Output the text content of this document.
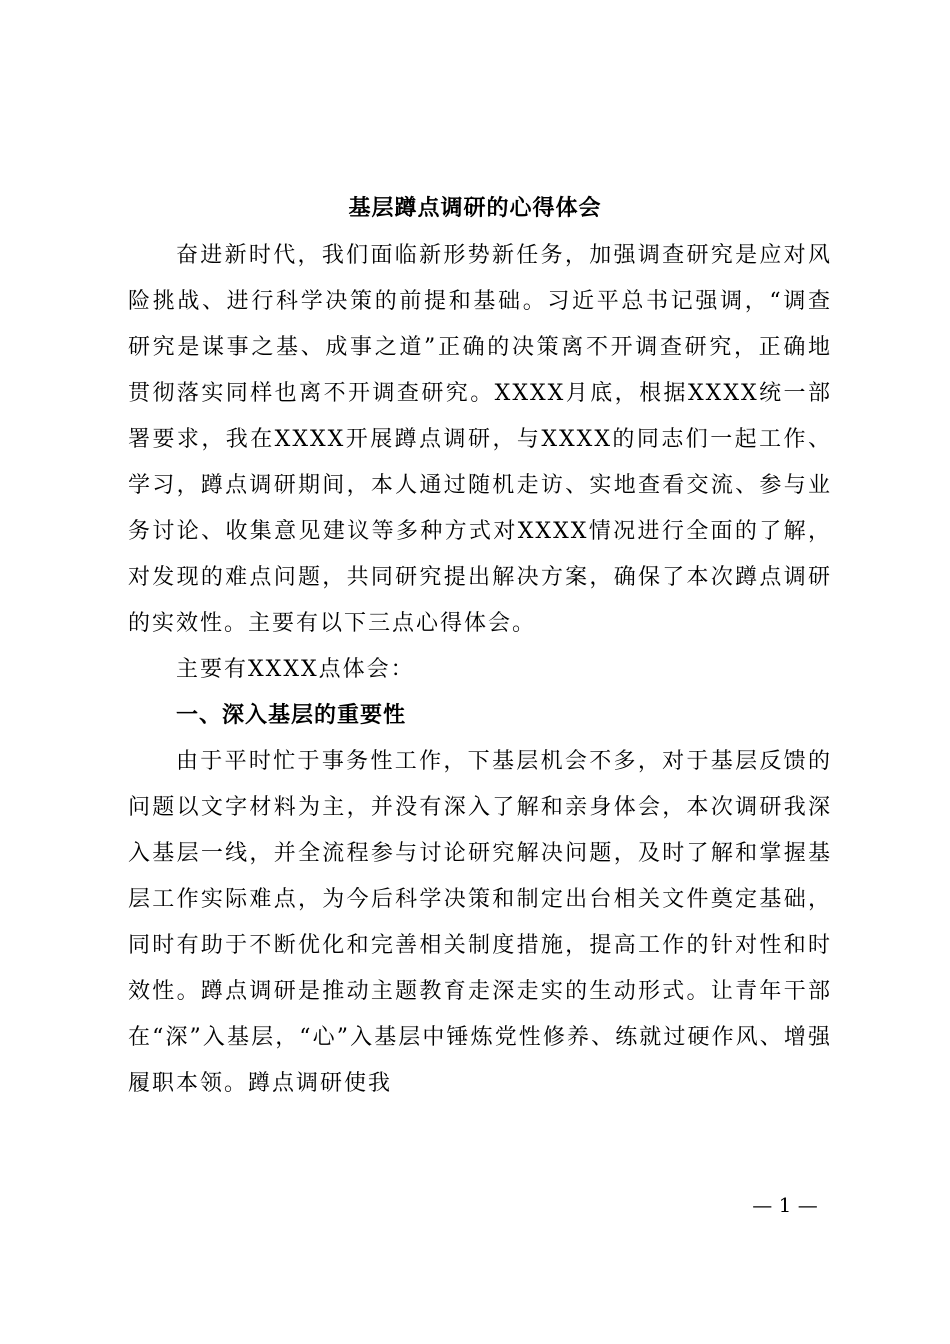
基层蹲点调研的心得体会

奋进新时代，我们面临新形势新任务，加强调查研究是应对风险挑战、进行科学决策的前提和基础。习近平总书记强调，“调查研究是谋事之基、成事之道”正确的决策离不开调查研究，正确地贯彻落实同样也离不开调查研究。XXXX月底，根据XXXX统一部署要求，我在XXXX开展蹲点调研，与XXXX的同志们一起工作、学习，蹲点调研期间，本人通过随机走访、实地查看交流、参与业务讨论、收集意见建议等多种方式对XXXX情况进行全面的了解，对发现的难点问题，共同研究提出解决方案，确保了本次蹲点调研的实效性。主要有以下三点心得体会。

主要有XXXX点体会：

一、深入基层的重要性

由于平时忙于事务性工作，下基层机会不多，对于基层反馈的问题以文字材料为主，并没有深入了解和亲身体会，本次调研我深入基层一线，并全流程参与讨论研究解决问题，及时了解和掌握基层工作实际难点，为今后科学决策和制定出台相关文件奠定基础，同时有助于不断优化和完善相关制度措施，提高工作的针对性和时效性。蹲点调研是推动主题教育走深走实的生动形式。让青年干部在“深”入基层，“心”入基层中锤炼党性修养、练就过硬作风、增强履职本领。蹲点调研使我

— 1 —
